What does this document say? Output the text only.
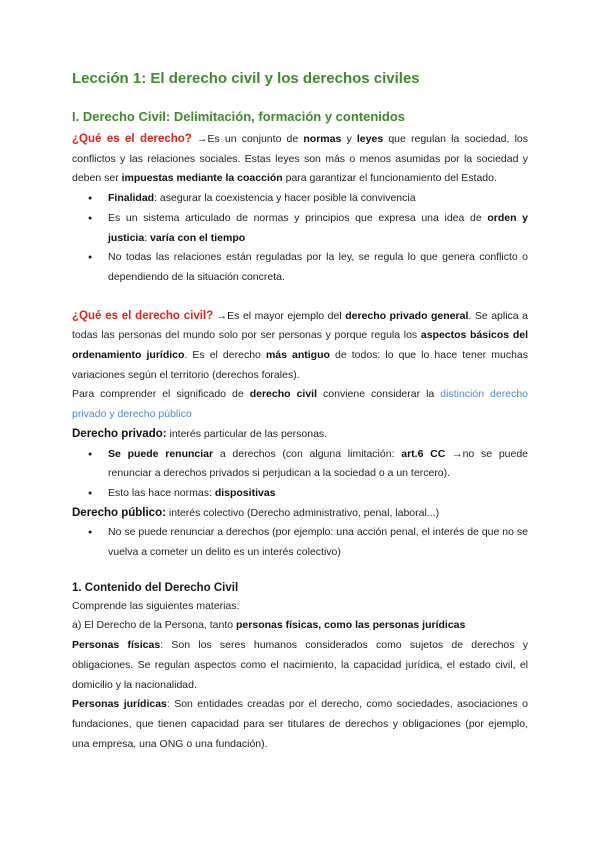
Lección 1: El derecho civil y los derechos civiles
I. Derecho Civil: Delimitación, formación y contenidos

¿Qué es el derecho? →Es un conjunto de normas y leyes que regulan la sociedad, los conflictos y las relaciones sociales. Estas leyes son más o menos asumidas por la sociedad y deben ser impuestas mediante la coacción para garantizar el funcionamiento del Estado.

● Finalidad: asegurar la coexistencia y hacer posible la convivencia
● Es un sistema articulado de normas y principios que expresa una idea de orden y justicia: varía con el tiempo
● No todas las relaciones están reguladas por la ley, se regula lo que genera conflicto o dependiendo de la situación concreta.

¿Qué es el derecho civil? →Es el mayor ejemplo del derecho privado general. Se aplica a todas las personas del mundo solo por ser personas y porque regula los aspectos básicos del ordenamiento jurídico. Es el derecho más antiguo de todos: lo que lo hace tener muchas variaciones según el territorio (derechos forales).

Para comprender el significado de derecho civil conviene considerar la distinción derecho privado y derecho público

Derecho privado: interés particular de las personas.

● Se puede renunciar a derechos (con alguna limitación: art.6 CC →no se puede renunciar a derechos privados si perjudican a la sociedad o a un tercero).
● Esto las hace normas: dispositivas

Derecho público: interés colectivo (Derecho administrativo, penal, laboral...)

● No se puede renunciar a derechos (por ejemplo: una acción penal, el interés de que no se vuelva a cometer un delito es un interés colectivo)
1. Contenido del Derecho Civil

Comprende las siguientes materias:

a) El Derecho de la Persona, tanto personas físicas, como las personas jurídicas

Personas físicas: Son los seres humanos considerados como sujetos de derechos y obligaciones. Se regulan aspectos como el nacimiento, la capacidad jurídica, el estado civil, el domicilio y la nacionalidad.

Personas jurídicas: Son entidades creadas por el derecho, como sociedades, asociaciones o fundaciones, que tienen capacidad para ser titulares de derechos y obligaciones (por ejemplo, una empresa, una ONG o una fundación).
